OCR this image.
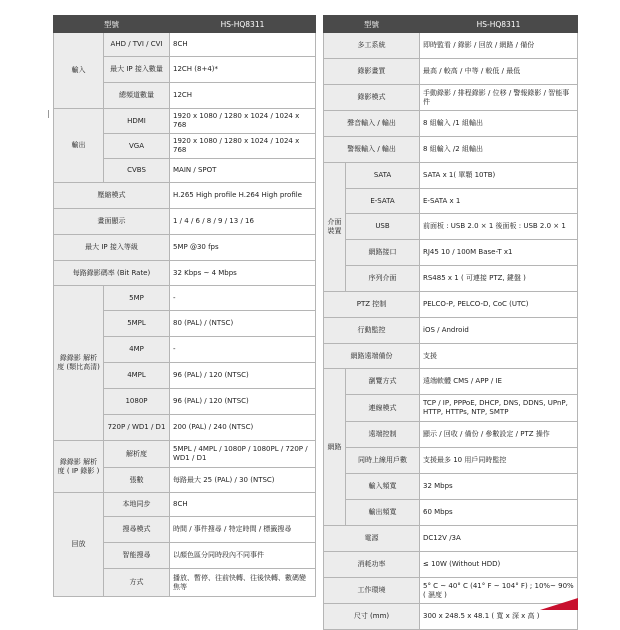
型號		HS-HQ8311
輸入	AHD / TVI / CVI	8CH
	最大 IP 接入數量	12CH (8+4)*
	總頻道數量	12CH
輸出	HDMI	1920 x 1080 / 1280 x 1024 / 1024 x 768
	VGA	1920 x 1080 / 1280 x 1024 / 1024 x 768
	CVBS	MAIN / SPOT
壓縮模式		H.265 High profile H.264 High profile
畫面顯示		1 / 4 / 6 / 8 / 9 / 13 / 16
最大 IP 接入等級		5MP @30 fps
每路錄影碼率 (Bit Rate)		32 Kbps ~ 4 Mbps
錄錄影 解析度 (類比高清)	5MP	-
	5MPL	80 (PAL) / (NTSC)
	4MP	-
	4MPL	96 (PAL) / 120 (NTSC)
	1080P	96 (PAL) / 120 (NTSC)
	720P / WD1 / D1	200 (PAL) / 240 (NTSC)
錄錄影 解析度 ( IP 錄影 )	解析度	5MPL / 4MPL / 1080P / 1080PL / 720P / WD1 / D1
	張數	每路最大 25 (PAL) / 30 (NTSC)
回放	本地同步	8CH
	搜尋模式	時間 / 事件搜尋 / 特定時間 / 標籤搜尋
	智能搜尋	以顏色區分同時段內不同事件
	方式	播放、暫停、往前快轉、往後快轉、數碼變焦等
型號		HS-HQ8311
多工系統		即時監看 / 錄影 / 回放 / 網路 / 備份
錄影畫質		最高 / 較高 / 中等 / 較低 / 最低
錄影模式		手動錄影 / 排程錄影 / 位移 / 警報錄影 / 智能事件
聲音輸入 / 輸出		8 組輸入 /1 組輸出
警報輸入 / 輸出		8 組輸入 /2 組輸出
介面 裝置	SATA	SATA x 1( 單顆 10TB)
	E-SATA	E-SATA x 1
	USB	前面板 : USB 2.0 × 1 後面板 : USB 2.0 × 1
	網路接口	RJ45 10 / 100M Base-T x1
	序列介面	RS485 x 1 ( 可連接 PTZ, 鍵盤 )
PTZ 控制		PELCO-P, PELCO-D, CoC (UTC)
行動監控		iOS / Android
網路遠端備份		支援
網路	瀏覽方式	遠端軟體 CMS / APP / IE
	連線模式	TCP / IP, PPPoE, DHCP, DNS, DDNS, UPnP, HTTP, HTTPs, NTP, SMTP
	遠端控制	顯示 / 回收 / 備份 / 參數設定 / PTZ 操作
	同時上線用戶數	支援最多 10 用戶同時監控
	輸入頻寬	32 Mbps
	輸出頻寬	60 Mbps
電源		DC12V /3A
消耗功率		≤ 10W (Without HDD)
工作環境		5° C ~ 40° C (41° F ~ 104° F) ; 10%~ 90%( 濕度 )
尺寸 (mm)		300 x 248.5 x 48.1 ( 寬 x 深 x 高 )
